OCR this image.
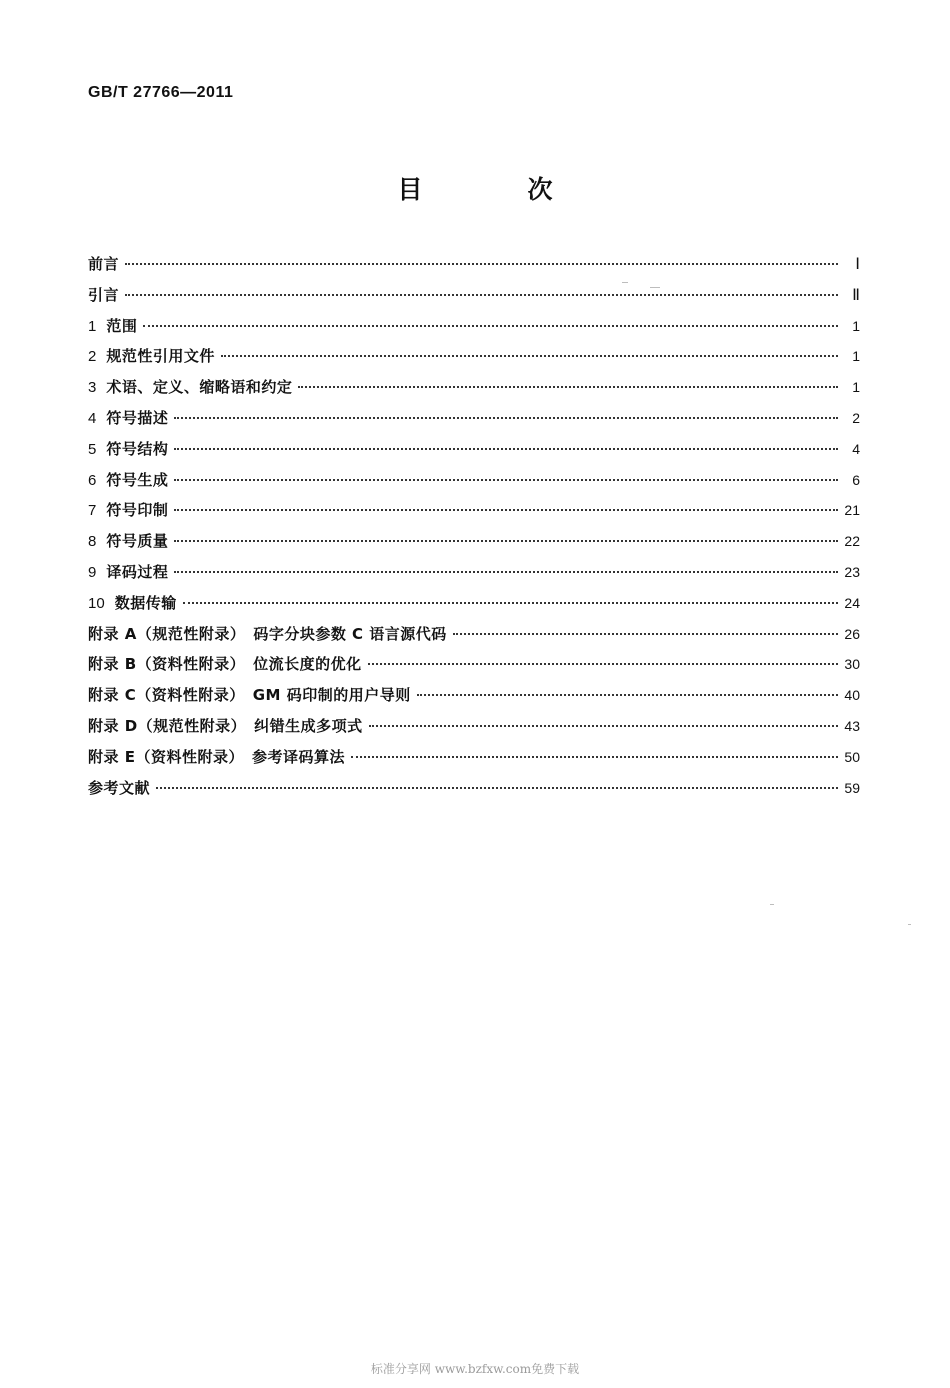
GB/T 27766—2011
目　次
前言	Ⅰ
引言	Ⅱ
1 范围	1
2 规范性引用文件	1
3 术语、定义、缩略语和约定	1
4 符号描述	2
5 符号结构	4
6 符号生成	6
7 符号印制	21
8 符号质量	22
9 译码过程	23
10 数据传输	24
附录 A（规范性附录）　码字分块参数 C 语言源代码	26
附录 B（资料性附录）　位流长度的优化	30
附录 C（资料性附录）　GM 码印制的用户导则	40
附录 D（规范性附录）　纠错生成多项式	43
附录 E（资料性附录）　参考译码算法	50
参考文献	59
标准分享网 www.bzfxw.com免费下载
